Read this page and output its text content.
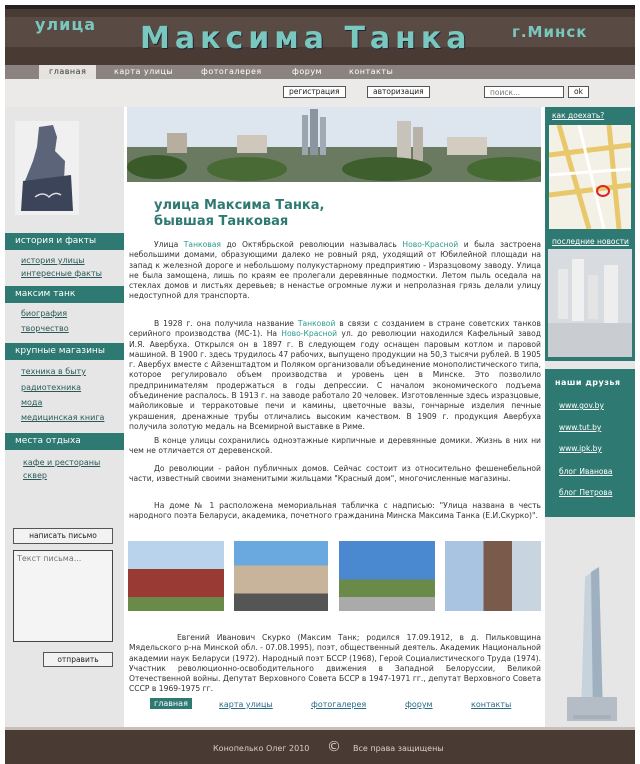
улица Максима Танка	г.Минск
главная	карта улицы	фотогалерея	форум	контакты
регистрация	авторизация
поиск...	ok
история и факты
история улицы
интересные факты
максим танк
биография
творчество
крупные магазины
техника в быту
радиотехника
мода
медицинская книга
места отдыха
кафе и рестораны
сквер
написать письмо
Текст письма...
отправить
улица Максима Танка,
бывшая Танковая

Улица Танковая до Октябрьской революции называлась Ново-Красной и была застроена небольшими домами, образующими далеко не ровный ряд, уходящий от Юбилейной площади на запад к железной дороге и небольшому полукустарному предприятию - Изразцовому заводу. Улица не была замощена, лишь по краям ее пролегали деревянные подмостки. Летом пыль оседала на стеклах домов и листьях деревьев; в ненастье огромные лужи и непролазная грязь делали улицу недоступной для транспорта.

В 1928 г. она получила название Танковой в связи с созданием в стране советских танков серийного производства (МС-1). На Ново-Красной ул. до революции находился Кафельный завод И.Я. Авербуха. Открылся он в 1897 г. В следующем году оснащен паровым котлом и паровой машиной. В 1900 г. здесь трудилось 47 рабочих, выпущено продукции на 50,3 тысячи рублей. В 1905 г. Авербух вместе с Айзенштадтом и Поляком организовали объединение монополистического типа, которое регулировало объем производства и уровень цен в Минске. Это позволило предпринимателям продержаться в годы депрессии. С началом экономического подъема объединение распалось. В 1913 г. на заводе работало 20 человек. Изготовленные здесь изразцовые, майоликовые и терракотовые печи и камины, цветочные вазы, гончарные изделия печные украшения, дренажные трубы отличались высоким качеством. В 1909 г. продукция Авербуха получила золотую медаль на Всемирной выставке в Риме.

В конце улицы сохранились одноэтажные кирпичные и деревянные домики. Жизнь в них ни чем не отличается от деревенской.

До революции - район публичных домов. Сейчас состоит из относительно фешенебельной части, известный своими знаменитыми жильцами "Красный дом", многочисленные магазины.

На доме № 1 расположена мемориальная табличка с надписью: "Улица названа в честь народного поэта Беларуси, академика, почетного гражданина Минска Максима Танка (Е.И.Скурко)".

Евгений Иванович Скурко (Максим Танк; родился 17.09.1912, в д. Пильковщина Мядельского р-на Минской обл. - 07.08.1995), поэт, общественный деятель. Академик Национальной академии наук Беларуси (1972). Народный поэт БССР (1968), Герой Социалистического Труда (1974). Участник революционно-освободительного движения в Западной Белоруссии, Великой Отечественной войны. Депутат Верховного Совета БССР в 1947-1971 гг., депутат Верховного Совета СССР в 1969-1975 гг.

главная	карта улицы	фотогалерея	форум	контакты
как доехать?
последние новости
наши друзья
www.gov.by
www.tut.by
www.ipk.by
блог Иванова
блог Петрова
Конопелько Олег 2010 © Все права защищены
